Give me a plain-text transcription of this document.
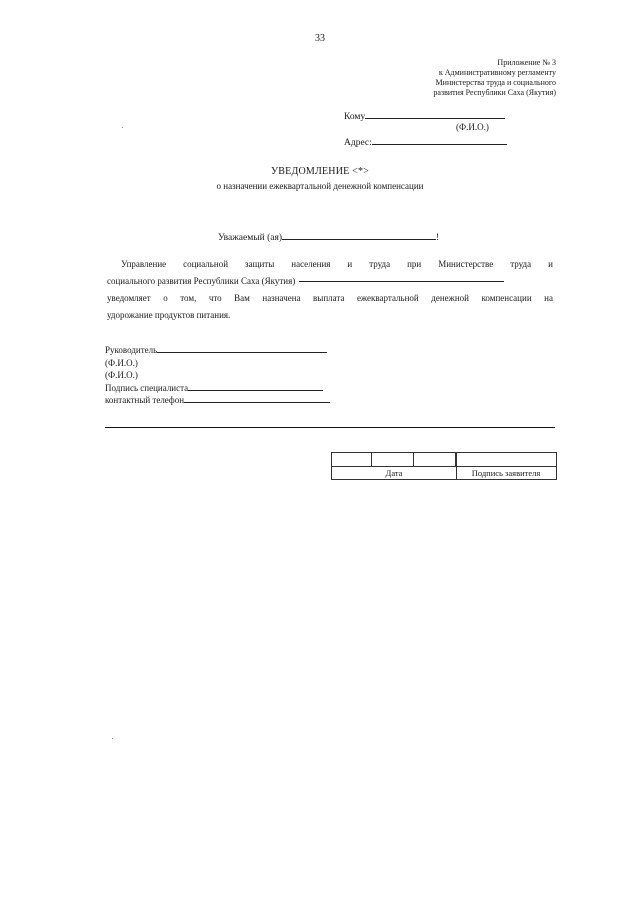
33
Приложение № 3
к Административному регламенту
Министерства труда и социального
развития Республики Саха (Якутия)
Кому
(Ф.И.О.)
Адрес:
УВЕДОМЛЕНИЕ <*>
о назначении ежеквартальной денежной компенсации
Уважаемый (ая)	!
Управление социальной защиты населения и труда при Министерстве труда и
социального развития Республики Саха (Якутия)
уведомляет о том, что Вам назначена выплата ежеквартальной денежной компенсации на
удорожание продуктов питания.
Руководитель
(Ф.И.О.)
(Ф.И.О.)
Подпись специалиста
контактный телефон
Дата	Подпись заявителя
